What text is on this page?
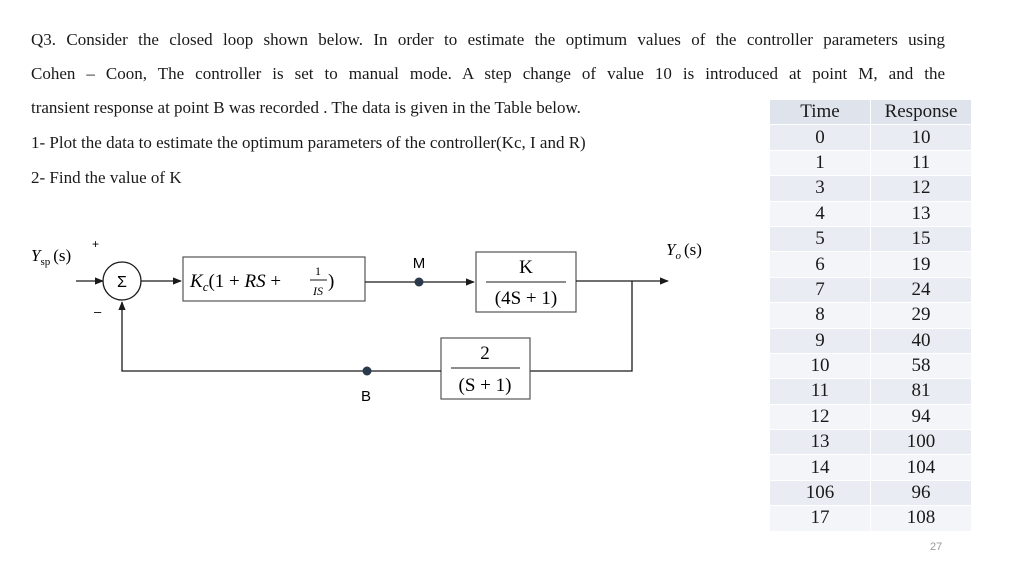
Q3. Consider the closed loop shown below. In order to estimate the optimum values of the controller parameters using
Cohen – Coon, The controller is set to manual mode. A step change of value 10 is introduced at point M, and the
transient response at point B was recorded . The data is given in the Table below.
1- Plot the data to estimate the optimum parameters of the controller(Kc, I and R)
2- Find the value of K
$Y_{sp}$ (s)
+
–
Σ	$K_c(1$ + RS +	1
IS )
M	K
(4S + 1)
$Y_o$ (s)
2
(S + 1)
B
Time	Response
0	10
1	11
3	12
4	13
5	15
6	19
7	24
8	29
9	40
10	58
11	81
12	94
13	100
14	104
106	96
17	108
27
